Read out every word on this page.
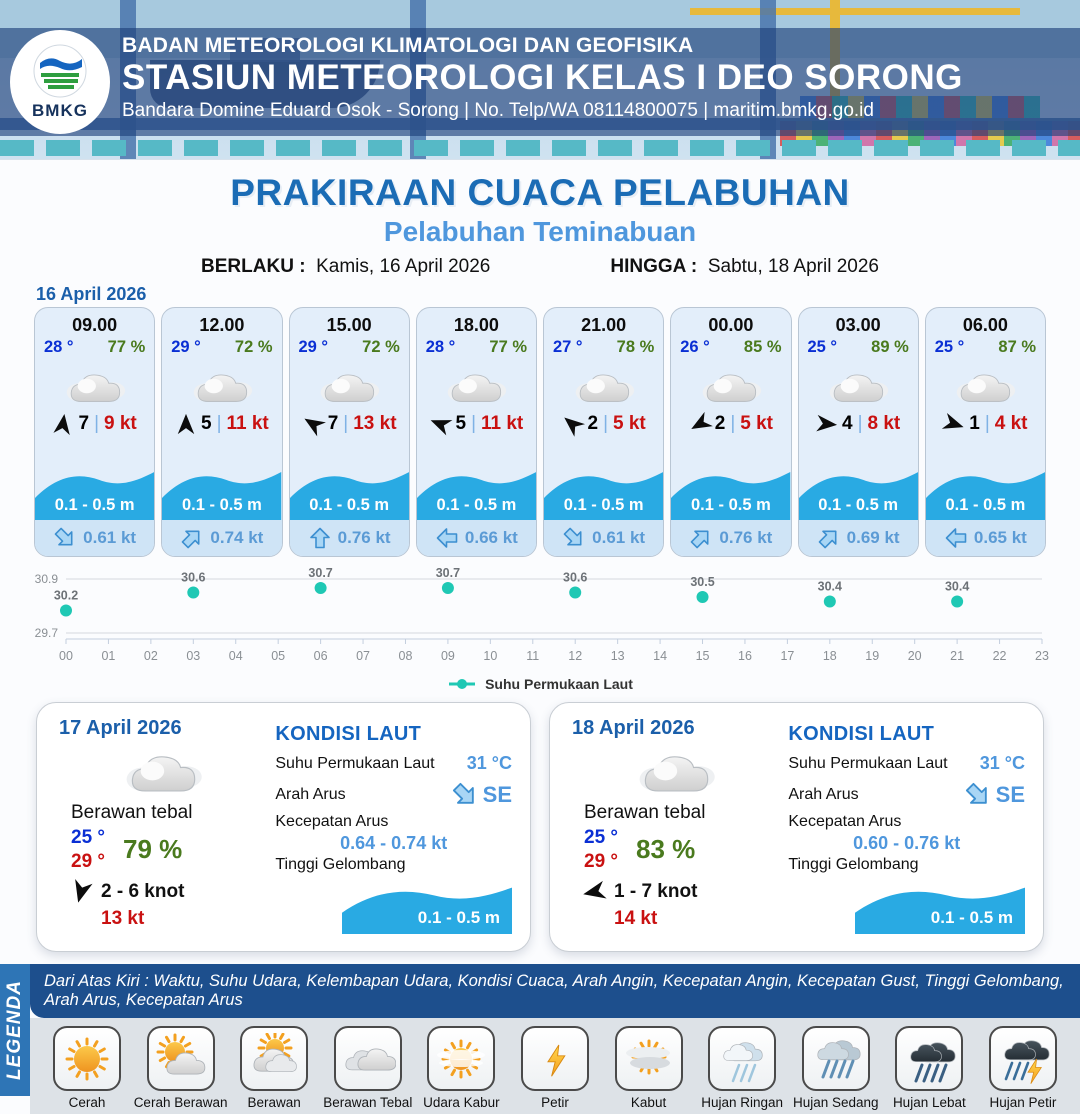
BMKG
BADAN METEOROLOGI KLIMATOLOGI DAN GEOFISIKA
STASIUN METEOROLOGI KELAS I DEO SORONG
Bandara Domine Eduard Osok - Sorong | No. Telp/WA 08114800075 | maritim.bmkg.go.id
PRAKIRAAN CUACA PELABUHAN
Pelabuhan Teminabuan
BERLAKU : Kamis, 16 April 2026	HINGGA : Sabtu, 18 April 2026
16 April 2026
09.00
28 ° 77 %
7 | 9 kt
0.1 - 0.5 m
0.61 kt
12.00
29 ° 72 %
5 | 11 kt
0.1 - 0.5 m
0.74 kt
15.00
29 ° 72 %
7 | 13 kt
0.1 - 0.5 m
0.76 kt
18.00
28 ° 77 %
5 | 11 kt
0.1 - 0.5 m
0.66 kt
21.00
27 ° 78 %
2 | 5 kt
0.1 - 0.5 m
0.61 kt
00.00
26 ° 85 %
2 | 5 kt
0.1 - 0.5 m
0.76 kt
03.00
25 ° 89 %
4 | 8 kt
0.1 - 0.5 m
0.69 kt
06.00
25 ° 87 %
1 | 4 kt
0.1 - 0.5 m
0.65 kt
30.9
29.7
00 01 02 03 04 05 06 07 08 09 10 11 12 13 14 15 16 17 18 19 20 21 22 23
30.2
30.6	30.7	30.7	30.6	30.5	30.4	30.4
Suhu Permukaan Laut
17 April 2026
Berawan tebal
25 °
29 ° 79 %
2 - 6 knot
13 kt
KONDISI LAUT
Suhu Permukaan Laut 31 °C
Arah Arus	SE
Kecepatan Arus
0.64 - 0.74 kt
Tinggi Gelombang
0.1 - 0.5 m
18 April 2026
Berawan tebal
25 °
29 ° 83 %
1 - 7 knot
14 kt
KONDISI LAUT
Suhu Permukaan Laut 31 °C
Arah Arus	SE
Kecepatan Arus
0.60 - 0.76 kt
Tinggi Gelombang
0.1 - 0.5 m
LEGENDA	Dari Atas Kiri : Waktu, Suhu Udara, Kelembapan Udara, Kondisi Cuaca, Arah Angin, Kecepatan Angin, Kecepatan Gust, Tinggi Gelombang, Arah Arus, Kecepatan Arus
Cerah Cerah Berawan Berawan Berawan Tebal Udara Kabur	Petir	Kabut	Hujan Ringan Hujan Sedang Hujan Lebat Hujan Petir
